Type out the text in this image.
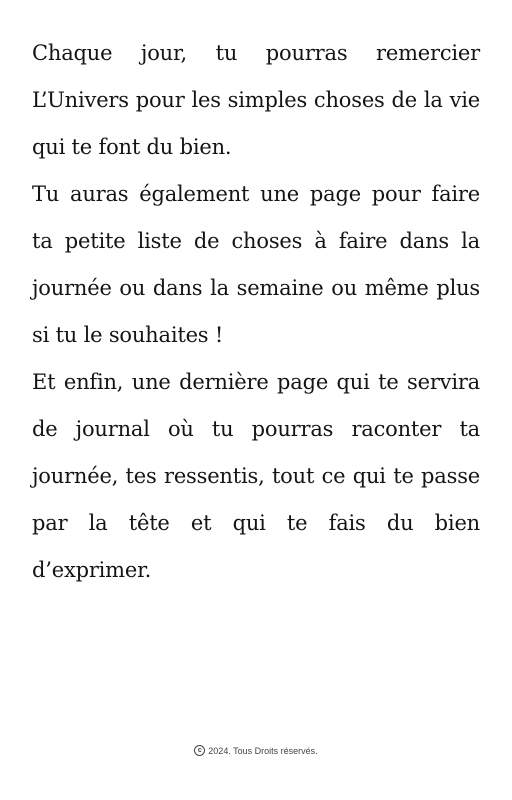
Chaque jour, tu pourras remercier L’Univers pour les simples choses de la vie qui te font du bien.

Tu auras également une page pour faire ta petite liste de choses à faire dans la journée ou dans la semaine ou même plus si tu le souhaites !

Et enfin, une dernière page qui te servira de journal où tu pourras raconter ta journée, tes ressentis, tout ce qui te passe par la tête et qui te fais du bien d’exprimer.

c 2024. Tous Droits réservés.
